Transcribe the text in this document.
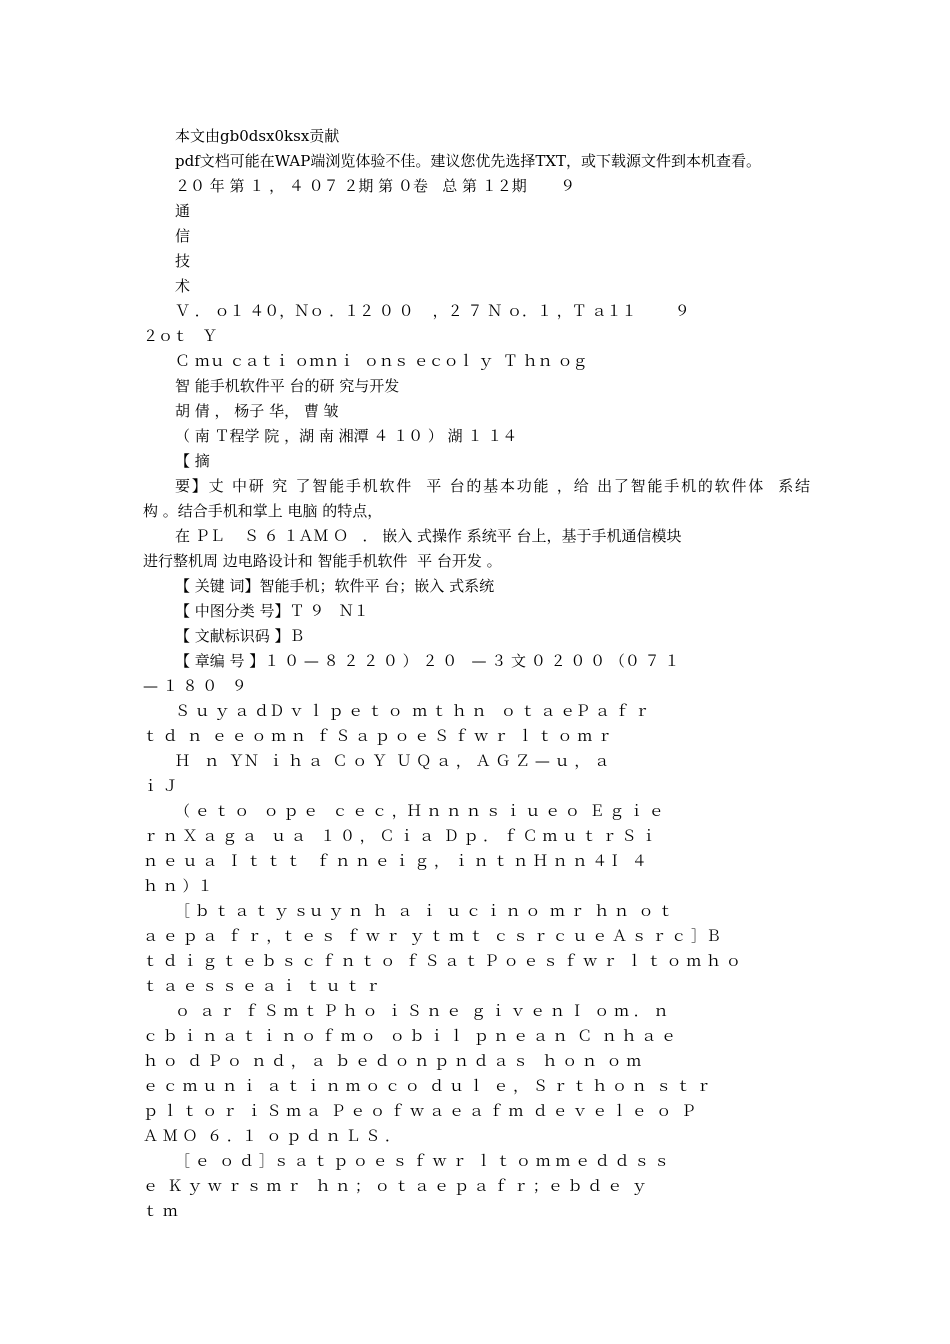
本文由gb0dsx0ksx贡献

pdf文档可能在WAP端浏览体验不佳。建议您优先选择TXT，或下载源文件到本机查看。

２０ 年 第 １ ， ４ ０７ ２期 第 ０卷   总 第 １２期       ９

通

信

技

术

Ｖ ． ｏ１ ４０，Ｎｏ ．１２ ０ ０    ，２ ７ Ｎ ｏ．１ ，Ｔ ａ１１        ９

２ｏｔ   Ｙ

Ｃ ｍｕ ｃａｔｉ ｏｍｎｉ  ｏｎｓ ｅｃｏｌ ｙ  Ｔ ｈｎ ｏｇ

智 能手机软件平 台的研 究与开发

胡 倩 ， 杨子 华， 曹 皱

（ 南 Ｔ程学 院 ，湖 南 湘潭 ４ １０ ） 湖 １ １４

【 摘

要】丈 中研 究 了智能手机软件  平 台的基本功能 ，给 出了智能手机的软件体  系结

构 。结合手机和掌上 电脑 的特点，

在 ＰＬ    Ｓ ６ １ＡＭ Ｏ   ． 嵌入 式操作 系统平 台上，基于手机通信模块

进行整机周 边电路设计和 智能手机软件  平 台开发 。

【 关键 词】智能手机；软件平 台；嵌入 式系统

【 中图分类 号】Ｔ ９   Ｎ１

【 文献标识码 】Ｂ

【 章编 号 】１ ０ — ８ ２ ２ ０ ） ２ ０   — ３ 文 ０ ２ ０ ０ （０ ７ １

— １ ８ ０   ９

Ｓ ｕ ｙ ａ ｄＤ ｖ ｌ ｐ ｅ ｔ ｏ  ｍ ｔ ｈ ｎ   ｏ ｔ ａ ｅＰ ａ ｆ ｒ

ｔ ｄ  ｎ  ｅ ｅ ｏ ｍ ｎ  ｆ Ｓ ａ ｐ ｏ ｅ Ｓ ｆ ｗ ｒ  ｌ ｔ ｏ ｍ ｒ

Ｈ   ｎ  ＹＮ  ｉ ｈ ａ  Ｃ ｏ Ｙ  Ｕ Ｑ ａ ， Ａ Ｇ Ｚ — ｕ ， ａ

ｉ Ｊ

（ ｅ ｔ ｏ   ｏ ｐ ｅ   ｃ ｅ ｃ ，Ｈ ｎ ｎ ｎ ｓ ｉ ｕ ｅ ｏ  Ｅ ｇ ｉ ｅ

ｒ ｎ Ｘ ａ ｇ ａ   ｕ ａ   １ ０ ， Ｃ ｉ ａ  Ｄ ｐ ． ｆ Ｃ ｍ ｕ ｔ ｒ Ｓ ｉ

ｎ ｅ ｕ ａ  Ｉ ｔ ｔ ｔ   ｆ ｎ ｎ ｅ ｉ ｇ ， ｉ ｎ ｔ ｎ Ｈ ｎ ｎ ４Ｉ  ４

ｈ ｎ ）１

［ ｂ ｔ ａ ｔ ｙ ｓｕ ｙ ｎ  ｈ  ａ  ｉ  ｕ ｃ ｉ ｎ ｏ  ｍ ｒ  ｈ ｎ  ｏ ｔ

ａ ｅ ｐ ａ  ｆ ｒ ，ｔ ｅ ｓ  ｆ ｗ ｒ  ｙ ｔ ｍ ｔ  ｃ ｓ ｒ ｃ ｕ ｅ Ａ ｓ ｒ ｃ ］Ｂ

ｔ ｄ ｉ ｇ ｔ ｅ ｂ ｓ ｃ ｆ ｎ ｔ ｏ  ｆ Ｓ ａ ｔ Ｐ ｏ ｅ ｓ ｆ ｗ ｒ  ｌ ｔ ｏ ｍ ｈ ｏ

ｔ ａ ｅ ｓ ｓ ｅ ａ ｉ  ｔ ｕ ｔ ｒ

ｏ  ａ ｒ  ｆ Ｓ ｍ ｔ Ｐ ｈ ｏ  ｉ Ｓ ｎ ｅ  ｇ ｉ ｖ ｅ ｎ Ｉ  ｏ ｍ ． ｎ

ｃ ｂ ｉ ｎ ａ ｔ ｉ ｎ ｏ ｆ ｍ ｏ   ｏ ｂ ｉ ｌ  ｐ ｎ ｅ ａ ｎ  Ｃ  ｎ ｈ ａ ｅ

ｈ ｏ  ｄ Ｐ ｏ  ｎ ｄ ， ａ  ｂ ｅ ｄ ｏ ｎ ｐ ｎ ｄ ａ ｓ   ｈ ｏ ｎ  ｏ ｍ

ｅ ｃ ｍ ｕ ｎ ｉ  ａ ｔ ｉ ｎ ｍ ｏ ｃ ｏ  ｄ ｕ ｌ  ｅ ， Ｓ ｒ ｔ ｈ ｏ ｎ  ｓ ｔ ｒ

ｐ ｌ ｔ ｏ ｒ  ｉ Ｓ ｍ ａ  Ｐ ｅ ｏ ｆ ｗ ａ ｅ ａ ｆ ｍ  ｄ ｅ ｖ ｅ ｌ ｅ  ｏ  Ｐ

Ａ Ｍ Ｏ  ６ ．１  ｏ ｐ ｄ ｎ Ｌ Ｓ ．

［ ｅ  ｏ ｄ ］ｓ ａ ｔ ｐ ｏ ｅ ｓ ｆ ｗ ｒ  ｌ ｔ ｏ ｍ ｍ ｅ ｄ ｄ ｓ ｓ

ｅ  Ｋ ｙ ｗ ｒ ｓ ｍ ｒ   ｈ ｎ ； ｏ ｔ ａ ｅ ｐ ａ ｆ ｒ ；ｅ ｂ ｄ ｅ  ｙ

ｔ ｍ
